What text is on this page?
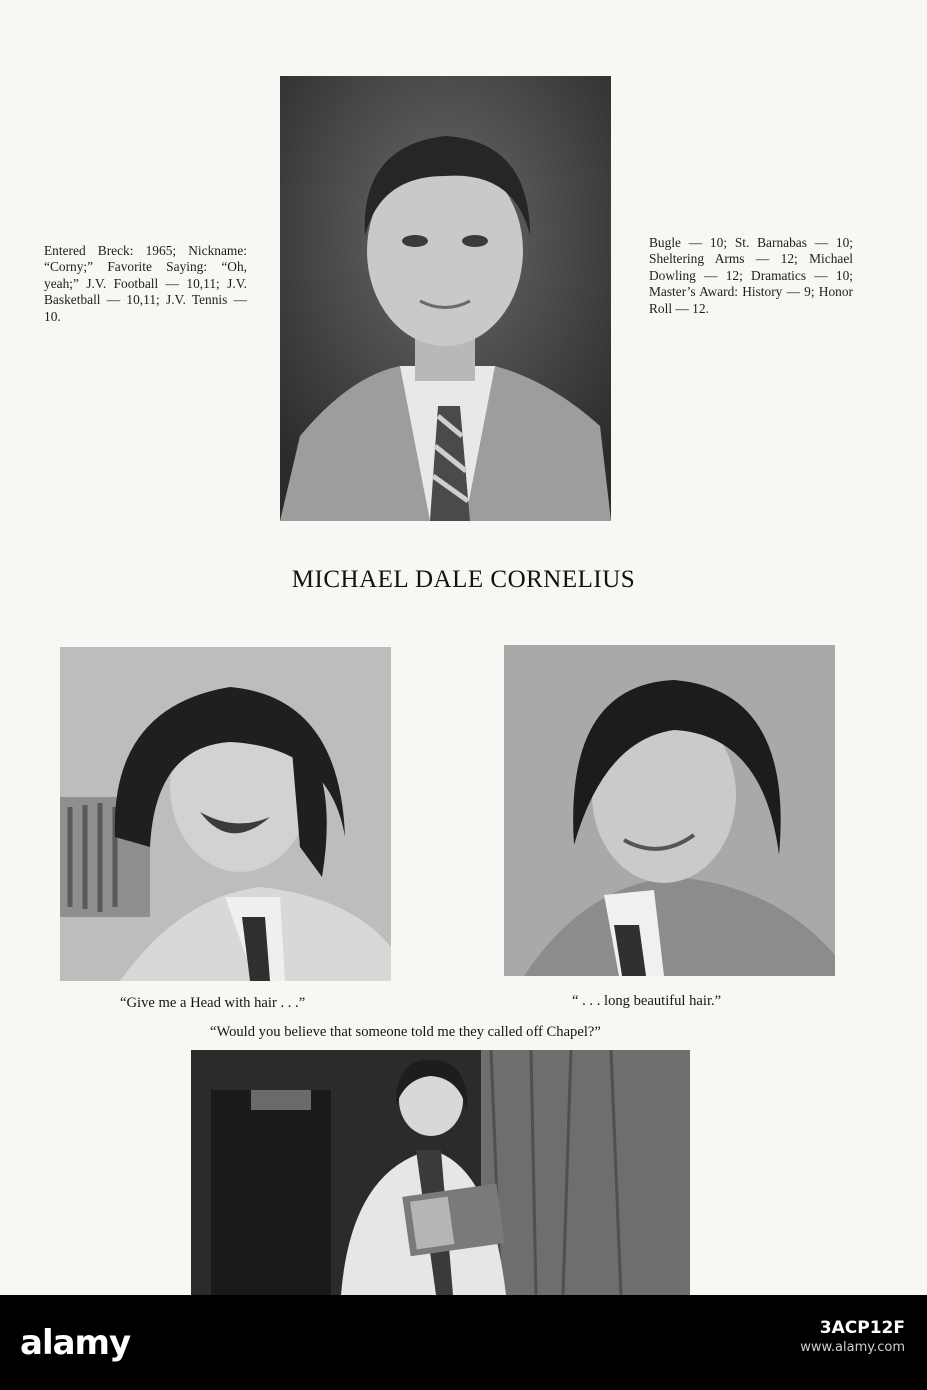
Entered Breck: 1965; Nickname: “Corny;” Favorite Saying: “Oh, yeah;” J.V. Football — 10,11; J.V. Basketball — 10,11; J.V. Tennis — 10.
Bugle — 10; St. Barnabas — 10; Sheltering Arms — 12; Michael Dowling — 12; Dramatics — 10; Master’s Award: History — 9; Honor Roll — 12.
MICHAEL DALE CORNELIUS
“Give me a Head with hair . . .”	“ . . . long beautiful hair.”
“Would you believe that someone told me they called off Chapel?”
alamy	3ACP12F
www.alamy.com
